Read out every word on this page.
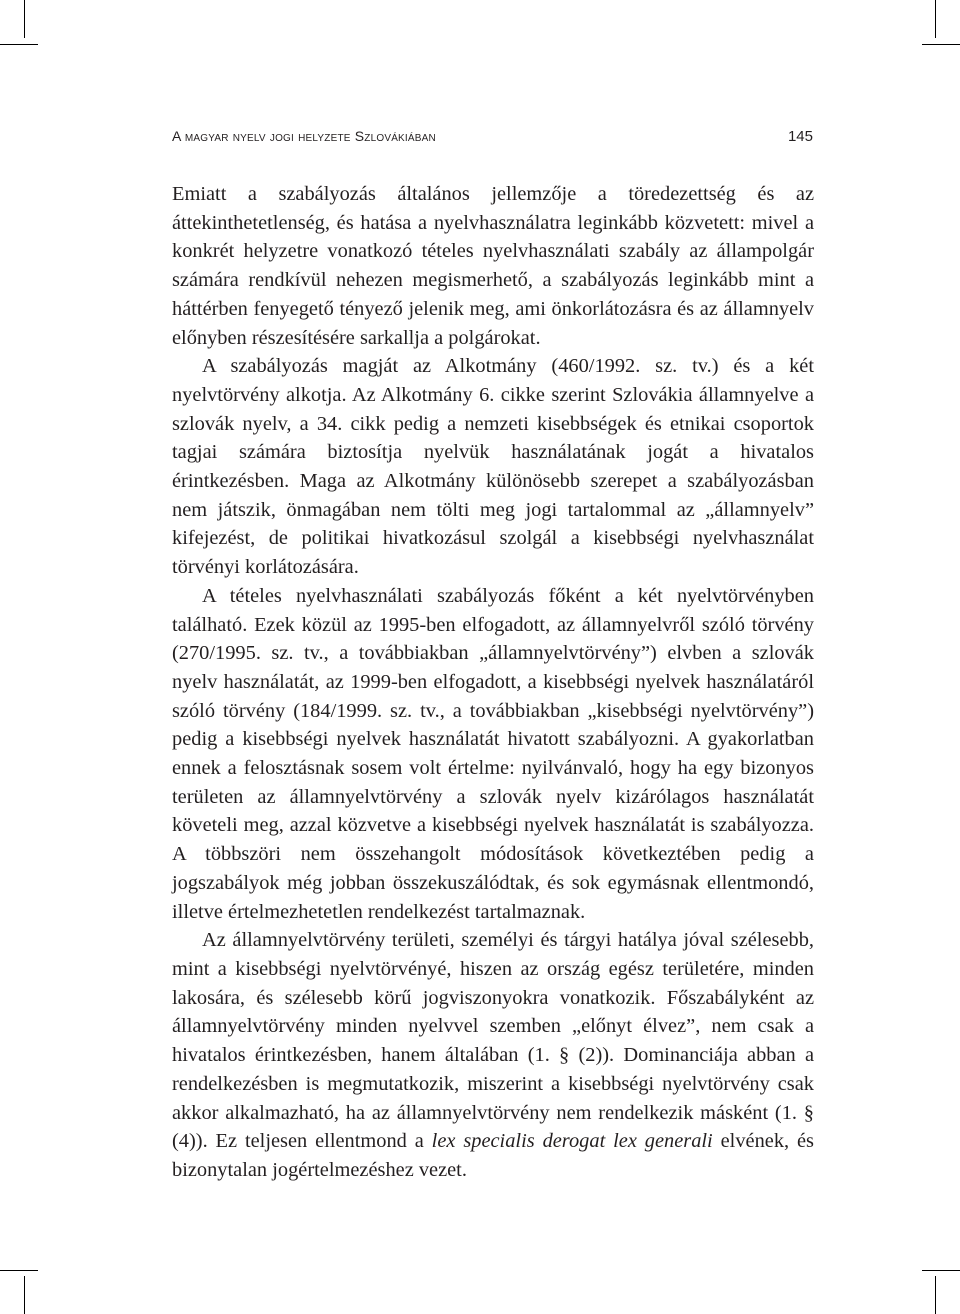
A magyar nyelv jogi helyzete Szlovákiában	145

Emiatt a szabályozás általános jellemzője a töredezettség és az áttekinthetetlenség, és hatása a nyelvhasználatra leginkább közvetett: mivel a konkrét helyzetre vonatkozó tételes nyelvhasználati szabály az állampolgár számára rendkívül nehezen megismerhető, a szabályozás leginkább mint a háttérben fenyegető tényező jelenik meg, ami önkorlátozásra és az államnyelv előnyben részesítésére sarkallja a polgárokat.

A szabályozás magját az Alkotmány (460/1992. sz. tv.) és a két nyelvtörvény alkotja. Az Alkotmány 6. cikke szerint Szlovákia államnyelve a szlovák nyelv, a 34. cikk pedig a nemzeti kisebbségek és etnikai csoportok tagjai számára biztosítja nyelvük használatának jogát a hivatalos érintkezésben. Maga az Alkotmány különösebb szerepet a szabályozásban nem játszik, önmagában nem tölti meg jogi tartalommal az „államnyelv” kifejezést, de politikai hivatkozásul szolgál a kisebbségi nyelvhasználat törvényi korlátozására.

A tételes nyelvhasználati szabályozás főként a két nyelvtörvényben található. Ezek közül az 1995-ben elfogadott, az államnyelvről szóló törvény (270/1995. sz. tv., a továbbiakban „államnyelvtörvény”) elvben a szlovák nyelv használatát, az 1999-ben elfogadott, a kisebbségi nyelvek használatáról szóló törvény (184/1999. sz. tv., a továbbiakban „kisebbségi nyelvtörvény”) pedig a kisebbségi nyelvek használatát hivatott szabályozni. A gyakorlatban ennek a felosztásnak sosem volt értelme: nyilvánvaló, hogy ha egy bizonyos területen az államnyelvtörvény a szlovák nyelv kizárólagos használatát követeli meg, azzal közvetve a kisebbségi nyelvek használatát is szabályozza. A többszöri nem összehangolt módosítások következtében pedig a jogszabályok még jobban összekuszálódtak, és sok egymásnak ellentmondó, illetve értelmezhetetlen rendelkezést tartalmaznak.

Az államnyelvtörvény területi, személyi és tárgyi hatálya jóval szélesebb, mint a kisebbségi nyelvtörvényé, hiszen az ország egész területére, minden lakosára, és szélesebb körű jogviszonyokra vonatkozik. Főszabályként az államnyelvtörvény minden nyelvvel szemben „előnyt élvez”, nem csak a hivatalos érintkezésben, hanem általában (1. § (2)). Dominanciája abban a rendelkezésben is megmutatkozik, miszerint a kisebbségi nyelvtörvény csak akkor alkalmazható, ha az államnyelvtörvény nem rendelkezik másként (1. § (4)). Ez teljesen ellentmond a lex specialis derogat lex generali elvének, és bizonytalan jogértelmezéshez vezet.
